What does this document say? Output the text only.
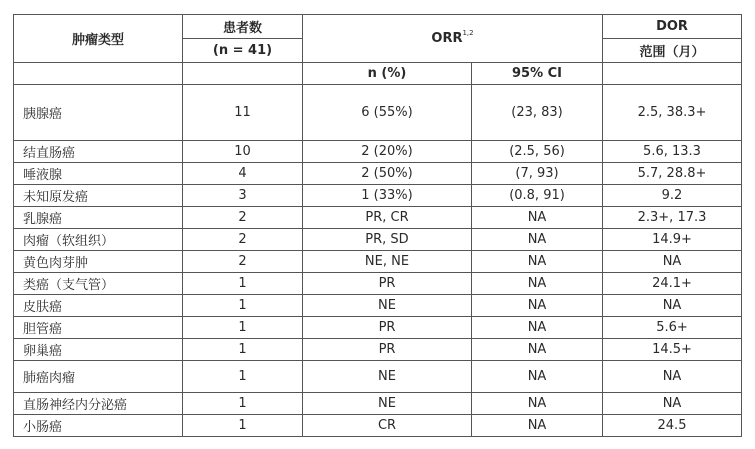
肿瘤类型	患者数	ORR$^{1,2}$		DOR
	(n = 41)			范围（月）
		n (%)	95% CI	
胰腺癌	11	6 (55%)	(23, 83)	2.5, 38.3+
结直肠癌	10	2 (20%)	(2.5, 56)	5.6, 13.3
唾液腺	4	2 (50%)	(7, 93)	5.7, 28.8+
未知原发癌	3	1 (33%)	(0.8, 91)	9.2
乳腺癌	2	PR, CR	NA	2.3+, 17.3
肉瘤（软组织）	2	PR, SD	NA	14.9+
黄色肉芽肿	2	NE, NE	NA	NA
类癌（支气管）	1	PR	NA	24.1+
皮肤癌	1	NE	NA	NA
胆管癌	1	PR	NA	5.6+
卵巢癌	1	PR	NA	14.5+
肺癌肉瘤	1	NE	NA	NA
直肠神经内分泌癌	1	NE	NA	NA
小肠癌	1	CR	NA	24.5
